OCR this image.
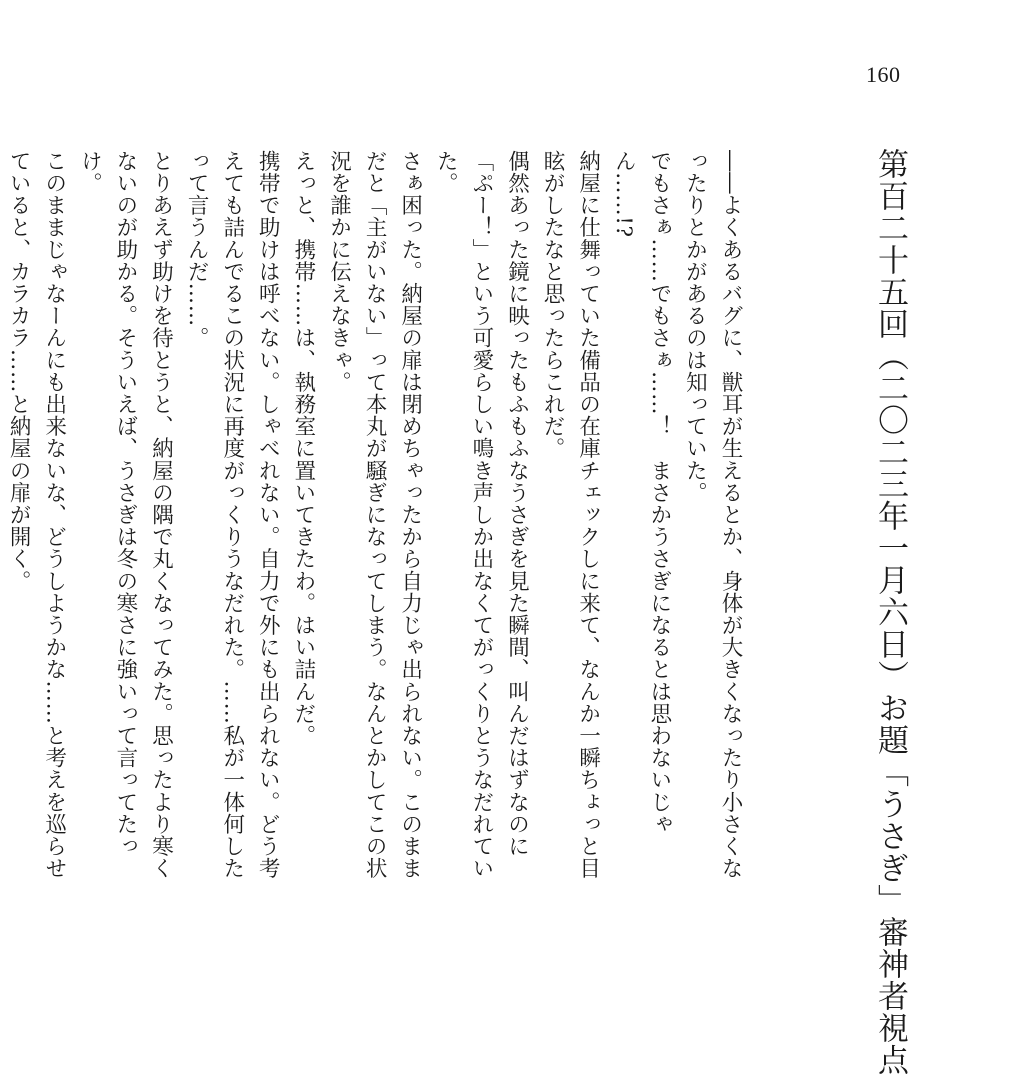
160
第百二十五回（二〇二三年一月六日）お題「うさぎ」審神者視点

――よくあるバグに、獣耳が生えるとか、身体が大きくなったり小さくなったりとかがあるのは知っていた。

でもさぁ……でもさぁ……！　まさかうさぎになるとは思わないじゃん……!?

納屋に仕舞っていた備品の在庫チェックしに来て、なんか一瞬ちょっと目眩がしたなと思ったらこれだ。

偶然あった鏡に映ったもふもふなうさぎを見た瞬間、叫んだはずなのに「ぷー！」という可愛らしい鳴き声しか出なくてがっくりとうなだれていた。

さぁ困った。納屋の扉は閉めちゃったから自力じゃ出られない。このままだと「主がいない」って本丸が騒ぎになってしまう。なんとかしてこの状況を誰かに伝えなきゃ。

えっと、携帯……は、執務室に置いてきたわ。はい詰んだ。

携帯で助けは呼べない。しゃべれない。自力で外にも出られない。どう考えても詰んでるこの状況に再度がっくりうなだれた。……私が一体何したって言うんだ……。

とりあえず助けを待とうと、納屋の隅で丸くなってみた。思ったより寒くないのが助かる。そういえば、うさぎは冬の寒さに強いって言ってたっけ。

このままじゃなーんにも出来ないな、どうしようかな……と考えを巡らせていると、カラカラ……と納屋の扉が開く。
